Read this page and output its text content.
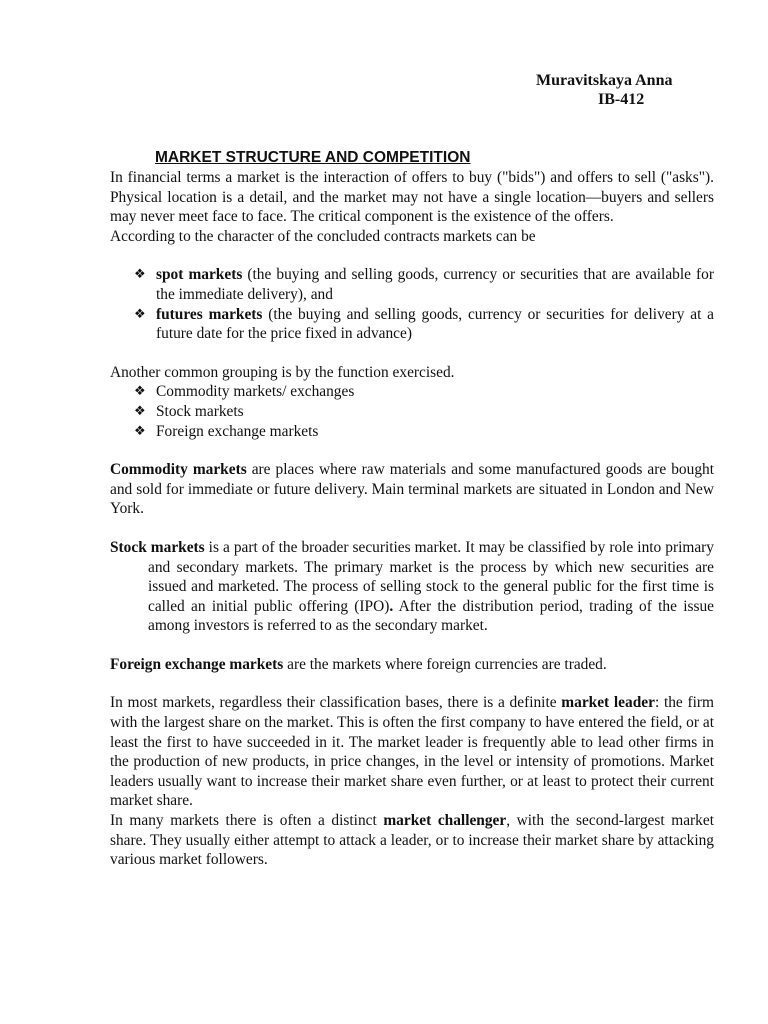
Muravitskaya Anna
IB-412
MARKET STRUCTURE AND COMPETITION

In financial terms a market is the interaction of offers to buy ("bids") and offers to sell ("asks"). Physical location is a detail, and the market may not have a single location—buyers and sellers may never meet face to face. The critical component is the existence of the offers.

According to the character of the concluded contracts markets can be

❖ spot markets (the buying and selling goods, currency or securities that are available for the immediate delivery), and
❖ futures markets (the buying and selling goods, currency or securities for delivery at a future date for the price fixed in advance)

Another common grouping is by the function exercised.

❖ Commodity markets/ exchanges
❖ Stock markets
❖ Foreign exchange markets

Commodity markets are places where raw materials and some manufactured goods are bought and sold for immediate or future delivery. Main terminal markets are situated in London and New York.

Stock markets is a part of the broader securities market. It may be classified by role into primary and secondary markets. The primary market is the process by which new securities are issued and marketed. The process of selling stock to the general public for the first time is called an initial public offering (IPO). After the distribution period, trading of the issue among investors is referred to as the secondary market.

Foreign exchange markets are the markets where foreign currencies are traded.

In most markets, regardless their classification bases, there is a definite market leader: the firm with the largest share on the market. This is often the first company to have entered the field, or at least the first to have succeeded in it. The market leader is frequently able to lead other firms in the production of new products, in price changes, in the level or intensity of promotions. Market leaders usually want to increase their market share even further, or at least to protect their current market share.

In many markets there is often a distinct market challenger, with the second-largest market share. They usually either attempt to attack a leader, or to increase their market share by attacking various market followers.
